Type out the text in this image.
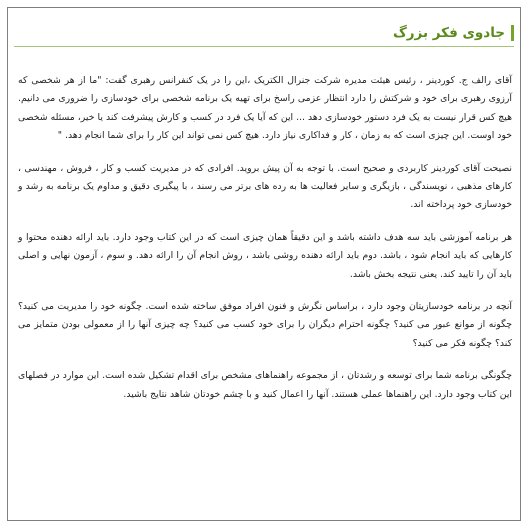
جادوی فکر بزرگ

آقای رالف ج. کوردینر ، رئیس هیئت مدیره شرکت جنرال الکتریک ،این را در یک کنفرانس رهبری گفت: "ما از هر شخصی که آرزوی رهبری برای خود و شرکتش را دارد انتظار عزمی راسخ برای تهیه یک برنامه شخصی برای خودسازی را ضروری می دانیم. هیچ کس قرار نیست به یک فرد دستور خودسازی دهد ... این که آیا یک فرد در کسب و کارش پیشرفت کند یا خیر، مسئله شخصی خود اوست. این چیزی است که به زمان ، کار و فداکاری نیاز دارد. هیچ کس نمی تواند این کار را برای شما انجام دهد. "

نصیحت آقای کوردینر کاربردی و صحیح است. با توجه به آن پیش بروید. افرادی که در مدیریت کسب و کار ، فروش ، مهندسی ، کارهای مذهبی ، نویسندگی ، بازیگری و سایر فعالیت ها به رده های برتر می رسند ، با پیگیری دقیق و مداوم یک برنامه به رشد و خودسازی خود پرداخته اند.

هر برنامه آموزشی باید سه هدف داشته باشد و این دقیقاً همان چیزی است که در این کتاب وجود دارد. باید ارائه دهنده محتوا و کارهایی که باید انجام شود ، باشد. دوم باید ارائه دهنده روشی باشد ، روش انجام آن را ارائه دهد. و سوم ، آزمون نهایی و اصلی باید آن را تایید کند. یعنی نتیجه بخش باشد.

آنچه در برنامه خودسازیتان وجود دارد ، براساس نگرش و فنون افراد موفق ساخته شده است. چگونه خود را مدیریت می کنید؟ چگونه از موانع عبور می کنید؟ چگونه احترام دیگران را برای خود کسب می کنید؟ چه چیزی آنها را از معمولی بودن متمایز می کند؟ چگونه فکر می کنید؟

چگونگی برنامه شما برای توسعه و رشدتان ، از مجموعه راهنماهای مشخص برای اقدام تشکیل شده است. این موارد در فصلهای این کتاب وجود دارد. این راهنماها عملی هستند. آنها را اعمال کنید و با چشم خودتان شاهد نتایج باشید.
